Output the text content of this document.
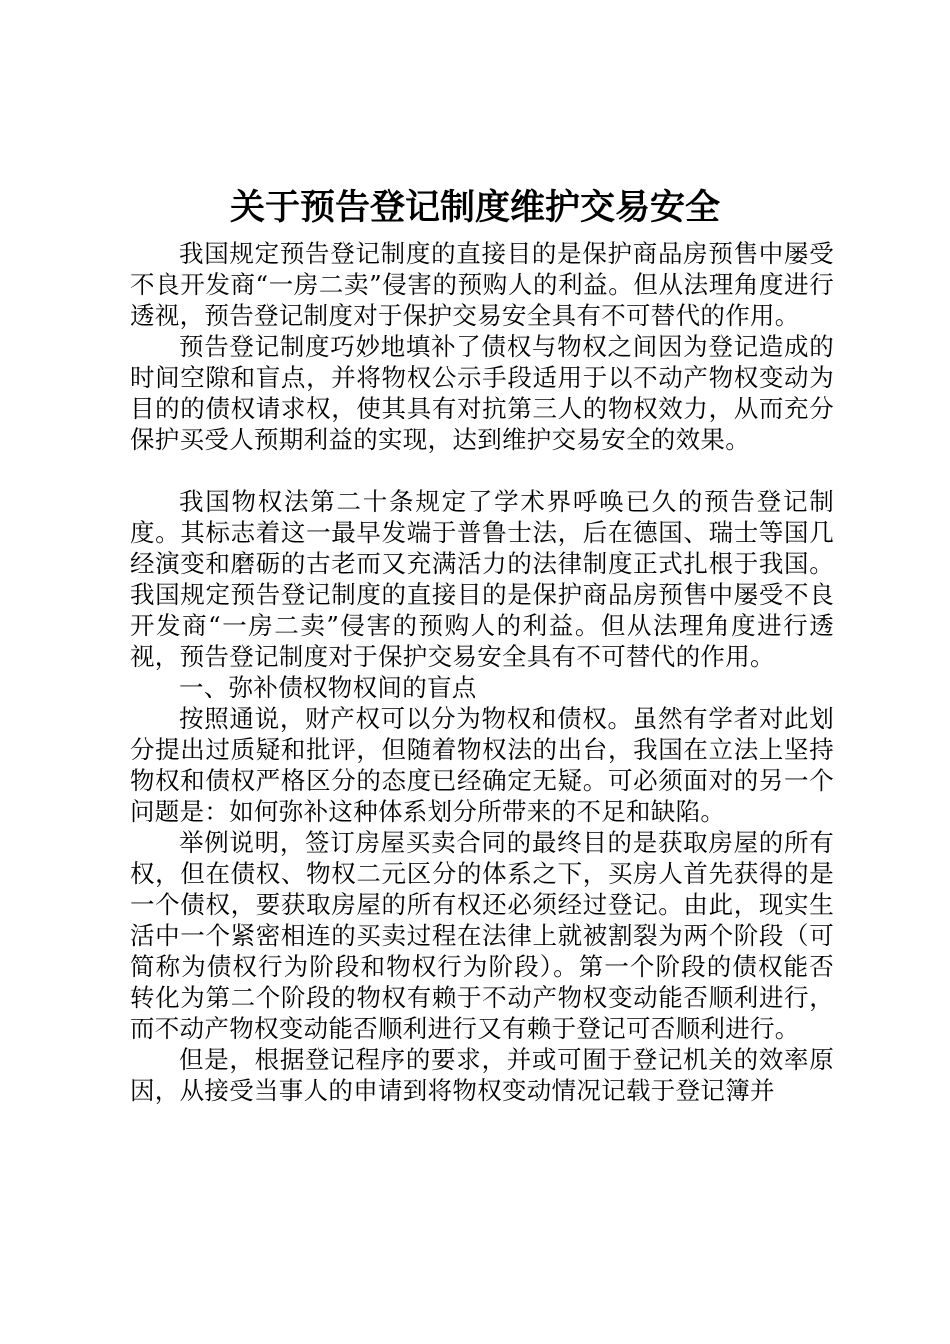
关于预告登记制度维护交易安全

我国规定预告登记制度的直接目的是保护商品房预售中屡受不良开发商“一房二卖”侵害的预购人的利益。但从法理角度进行透视，预告登记制度对于保护交易安全具有不可替代的作用。

预告登记制度巧妙地填补了债权与物权之间因为登记造成的时间空隙和盲点，并将物权公示手段适用于以不动产物权变动为目的的债权请求权，使其具有对抗第三人的物权效力，从而充分保护买受人预期利益的实现，达到维护交易安全的效果。

我国物权法第二十条规定了学术界呼唤已久的预告登记制度。其标志着这一最早发端于普鲁士法，后在德国、瑞士等国几经演变和磨砺的古老而又充满活力的法律制度正式扎根于我国。我国规定预告登记制度的直接目的是保护商品房预售中屡受不良开发商“一房二卖”侵害的预购人的利益。但从法理角度进行透视，预告登记制度对于保护交易安全具有不可替代的作用。

一、弥补债权物权间的盲点

按照通说，财产权可以分为物权和债权。虽然有学者对此划分提出过质疑和批评，但随着物权法的出台，我国在立法上坚持物权和债权严格区分的态度已经确定无疑。可必须面对的另一个问题是：如何弥补这种体系划分所带来的不足和缺陷。

举例说明，签订房屋买卖合同的最终目的是获取房屋的所有权，但在债权、物权二元区分的体系之下，买房人首先获得的是一个债权，要获取房屋的所有权还必须经过登记。由此，现实生活中一个紧密相连的买卖过程在法律上就被割裂为两个阶段（可简称为债权行为阶段和物权行为阶段）。第一个阶段的债权能否转化为第二个阶段的物权有赖于不动产物权变动能否顺利进行，而不动产物权变动能否顺利进行又有赖于登记可否顺利进行。

但是，根据登记程序的要求，并或可囿于登记机关的效率原因，从接受当事人的申请到将物权变动情况记载于登记簿并
